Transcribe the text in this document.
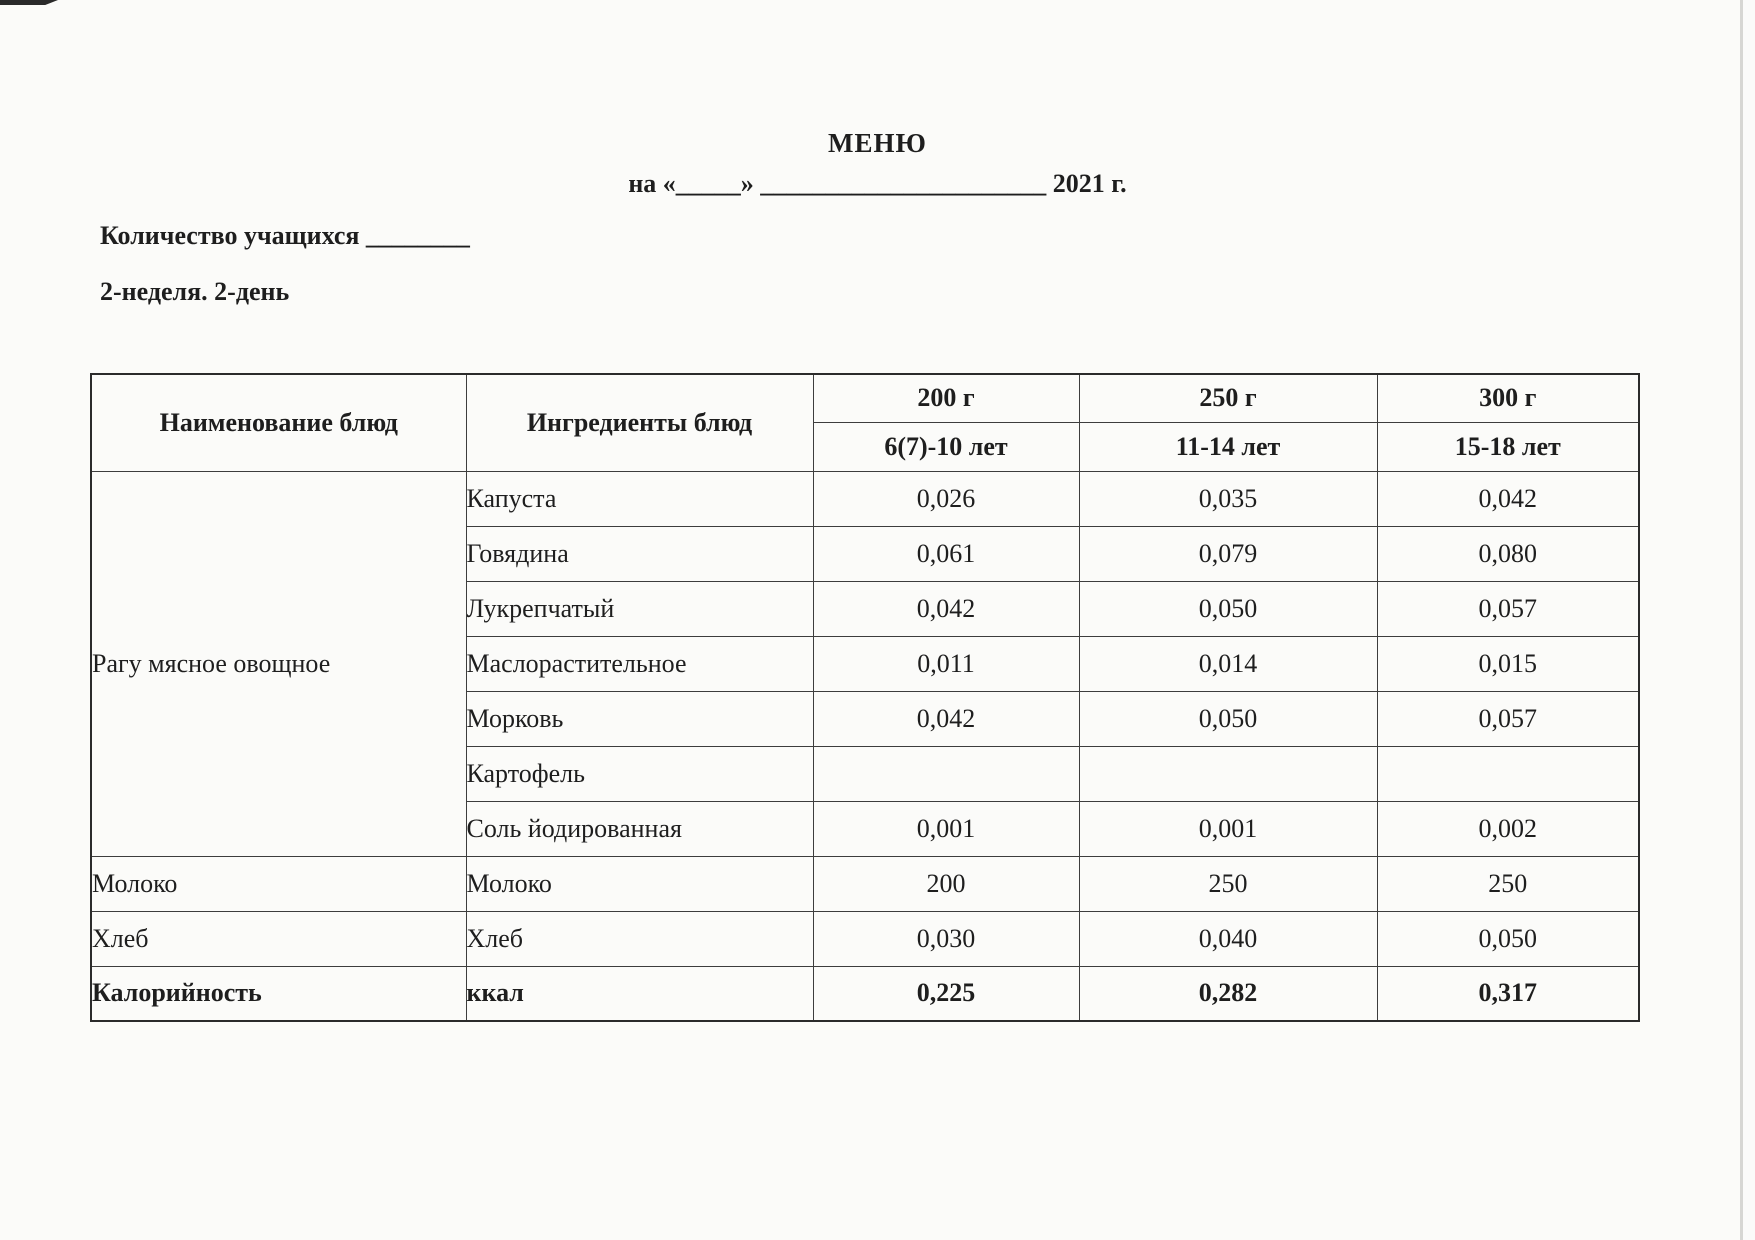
МЕНЮ
на «_____» ______________________ 2021 г.
Количество учащихся ________
2-неделя. 2-день
Наименование блюд	Ингредиенты блюд	200 г	250 г	300 г
		6(7)-10 лет	11-14 лет	15-18 лет
Рагу мясное овощное	Капуста	0,026	0,035	0,042
	Говядина	0,061	0,079	0,080
	Лукрепчатый	0,042	0,050	0,057
	Маслорастительное	0,011	0,014	0,015
	Морковь	0,042	0,050	0,057
	Картофель			
	Соль йодированная	0,001	0,001	0,002
Молоко	Молоко	200	250	250
Хлеб	Хлеб	0,030	0,040	0,050
Калорийность	ккал	0,225	0,282	0,317
